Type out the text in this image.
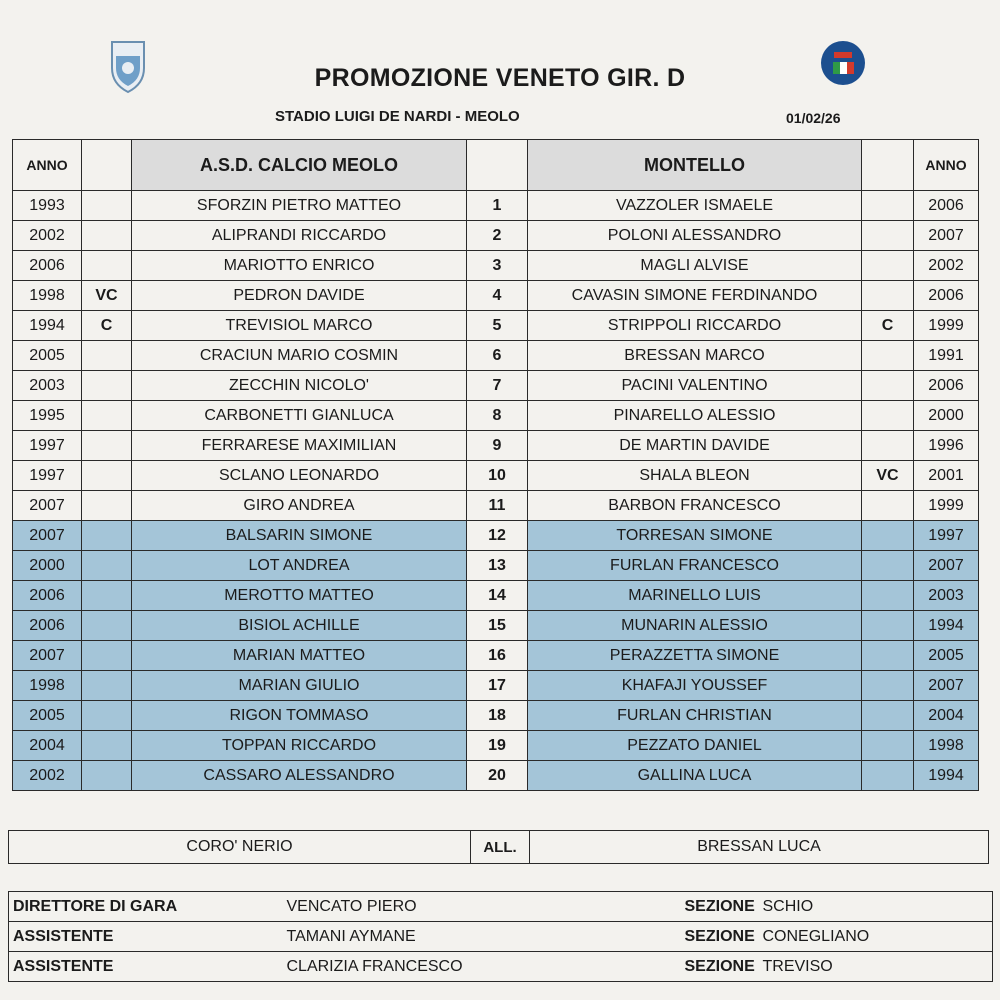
PROMOZIONE VENETO GIR. D
STADIO LUIGI DE NARDI - MEOLO	01/02/26
ANNO		A.S.D. CALCIO MEOLO		MONTELLO		ANNO
1993		SFORZIN PIETRO MATTEO	1	VAZZOLER ISMAELE		2006
2002		ALIPRANDI RICCARDO	2	POLONI ALESSANDRO		2007
2006		MARIOTTO ENRICO	3	MAGLI ALVISE		2002
1998	VC	PEDRON DAVIDE	4	CAVASIN SIMONE FERDINANDO		2006
1994	C	TREVISIOL MARCO	5	STRIPPOLI RICCARDO	C	1999
2005		CRACIUN MARIO COSMIN	6	BRESSAN MARCO		1991
2003		ZECCHIN NICOLO'	7	PACINI VALENTINO		2006
1995		CARBONETTI GIANLUCA	8	PINARELLO ALESSIO		2000
1997		FERRARESE MAXIMILIAN	9	DE MARTIN DAVIDE		1996
1997		SCLANO LEONARDO	10	SHALA BLEON	VC	2001
2007		GIRO ANDREA	11	BARBON FRANCESCO		1999
2007		BALSARIN SIMONE	12	TORRESAN SIMONE		1997
2000		LOT ANDREA	13	FURLAN FRANCESCO		2007
2006		MEROTTO MATTEO	14	MARINELLO LUIS		2003
2006		BISIOL ACHILLE	15	MUNARIN ALESSIO		1994
2007		MARIAN MATTEO	16	PERAZZETTA SIMONE		2005
1998		MARIAN GIULIO	17	KHAFAJI YOUSSEF		2007
2005		RIGON TOMMASO	18	FURLAN CHRISTIAN		2004
2004		TOPPAN RICCARDO	19	PEZZATO DANIEL		1998
2002		CASSARO ALESSANDRO	20	GALLINA LUCA		1994
CORO' NERIO	ALL.	BRESSAN LUCA
DIRETTORE DI GARA	VENCATO PIERO	SEZIONE	SCHIO
ASSISTENTE	TAMANI AYMANE	SEZIONE	CONEGLIANO
ASSISTENTE	CLARIZIA FRANCESCO	SEZIONE	TREVISO
